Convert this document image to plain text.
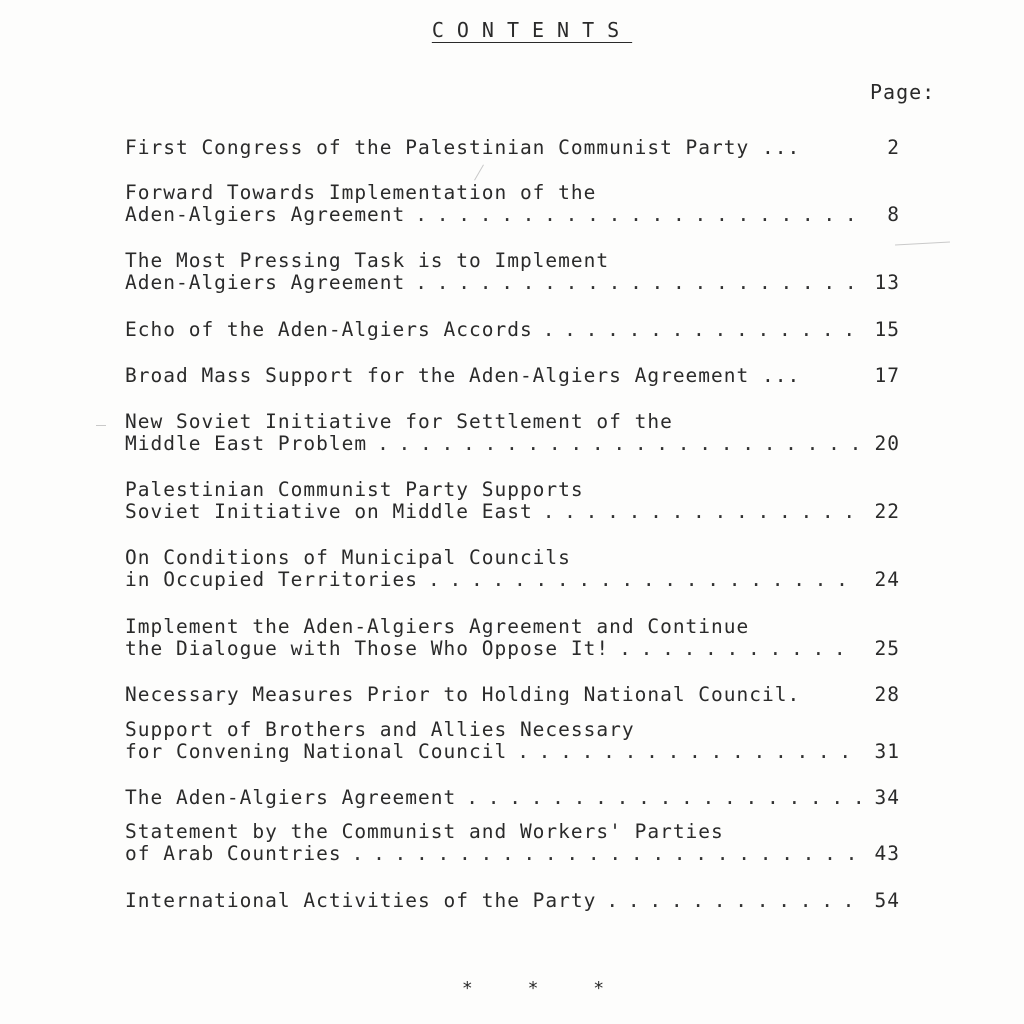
CONTENTS
Page:
First Congress of the Palestinian Communist Party ...	2
Forward Towards Implementation of the
Aden-Algiers Agreement . . .	8
The Most Pressing Task is to Implement
Aden-Algiers Agreement . . .	13
Echo of the Aden-Algiers Accords . . .	15
Broad Mass Support for the Aden-Algiers Agreement ...	17
New Soviet Initiative for Settlement of the
Middle East Problem . . .	20
Palestinian Communist Party Supports
Soviet Initiative on Middle East . . .	22
On Conditions of Municipal Councils
in Occupied Territories . . .	24
Implement the Aden-Algiers Agreement and Continue
the Dialogue with Those Who Oppose It! . . .	25
Necessary Measures Prior to Holding National Council.	28
Support of Brothers and Allies Necessary
for Convening National Council . . .	31
The Aden-Algiers Agreement . . .	34
Statement by the Communist and Workers' Parties
of Arab Countries . . .	43
International Activities of the Party . . .	54
* * *
